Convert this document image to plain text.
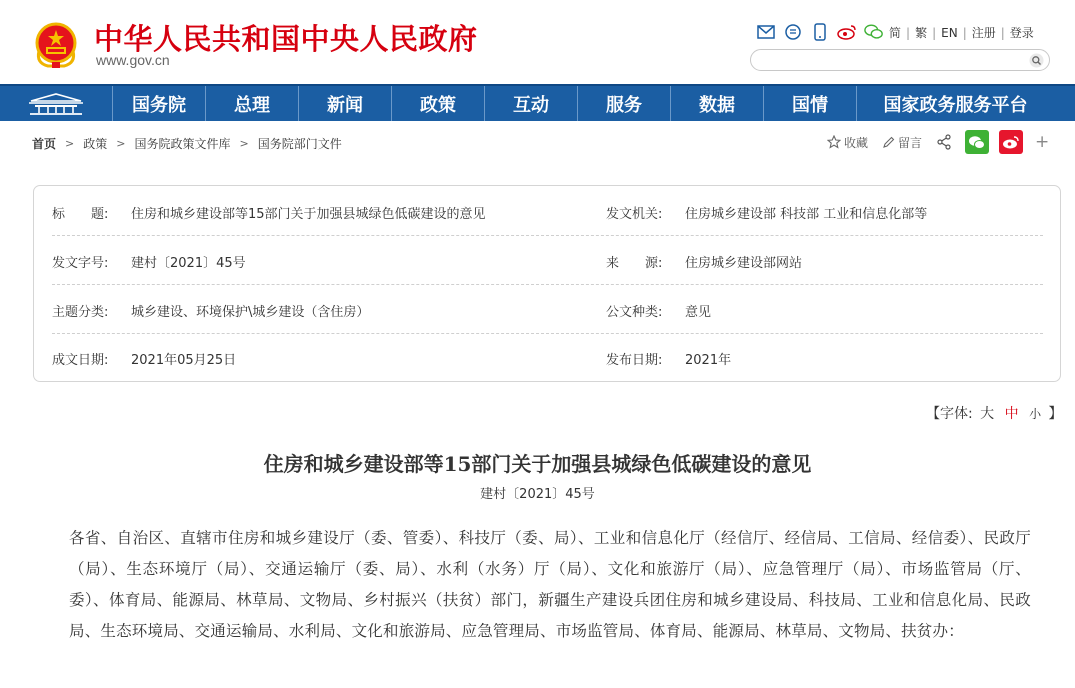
中华人民共和国中央人民政府
www.gov.cn
简 | 繁 | EN | 注册 | 登录
国务院	总理	新闻	政策	互动	服务	数据	国情	国家政务服务平台
首页 > 政策 > 国务院政策文件库 > 国务院部门文件	收藏	留言	+
标　　题: 住房和城乡建设部等15部门关于加强县城绿色低碳建设的意见	发文机关: 住房城乡建设部 科技部 工业和信息化部等
发文字号: 建村〔2021〕45号	来　　源: 住房城乡建设部网站
主题分类: 城乡建设、环境保护\城乡建设（含住房）	公文种类: 意见
成文日期: 2021年05月25日	发布日期: 2021年
【字体: 大 中 小 】
住房和城乡建设部等15部门关于加强县城绿色低碳建设的意见
建村〔2021〕45号
各省、自治区、直辖市住房和城乡建设厅（委、管委）、科技厅（委、局）、工业和信息化厅（经信厅、经信局、工信局、经信委）、民政厅（局）、生态环境厅（局）、交通运输厅（委、局）、水利（水务）厅（局）、文化和旅游厅（局）、应急管理厅（局）、市场监管局（厅、委）、体育局、能源局、林草局、文物局、乡村振兴（扶贫）部门，新疆生产建设兵团住房和城乡建设局、科技局、工业和信息化局、民政局、生态环境局、交通运输局、水利局、文化和旅游局、应急管理局、市场监管局、体育局、能源局、林草局、文物局、扶贫办：
